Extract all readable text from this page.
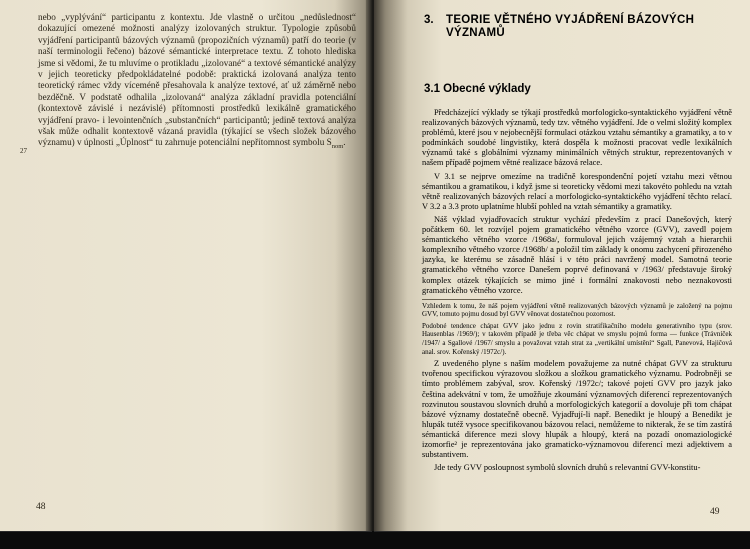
nebo „vyplývání“ participantu z kontextu. Jde vlastně o určitou „nedůslednost“ dokazující omezené možnosti analýzy izolovaných struktur. Typologie způsobů vyjádření participantů bázových významů (propozičních významů) patří do teorie (v naší terminologii řečeno) bázové sémantické interpretace textu. Z tohoto hlediska jsme si vědomi, že tu mluvíme o protikladu „izolované“ a textové sémantické analýzy v jejich teoreticky předpokládatelné podobě: praktická izolovaná analýza tento teoretický rámec vždy víceméně přesahovala k analýze textové, ať už záměrně nebo bezděčně. V podstatě odhalila „izolovaná“ analýza základní pravidla potenciální (kontextově závislé i nezávislé) přítomnosti prostředků lexikálně gramatického vyjádření pravo- i levointenčních „substančních“ participantů; jedině textová analýza však může odhalit kontextově vázaná pravidla (týkající se všech složek bázového významu) v úplnosti „Úplnost“ tu zahrnuje potenciální nepřítomnost symbolu $S_{nom}$.

27
48
3. TEORIE VĚTNÉHO VYJÁDŘENÍ BÁZOVÝCH VÝZNAMŮ
3.1 Obecné výklady

Předcházející výklady se týkají prostředků morfologicko-syntaktického vyjádření větně realizovaných bázových významů, tedy tzv. větného vyjádření. Jde o velmi složitý komplex problémů, které jsou v nejobecnější formulaci otázkou vztahu sémantiky a gramatiky, a to v podmínkách soudobé lingvistiky, která dospěla k možnosti pracovat vedle lexikálních významů také s globálními významy minimálních větných struktur, reprezentovaných v našem případě pojmem větné realizace bázová relace.

V 3.1 se nejprve omezíme na tradičně korespondenční pojetí vztahu mezi větnou sémantikou a gramatikou, i když jsme si teoreticky vědomi mezi takovéto pohledu na vztah větně realizovaných bázových relací a morfologicko-syntaktického vyjádření těchto relací. V 3.2 a 3.3 proto uplatníme hlubší pohled na vztah sémantiky a gramatiky.

Náš výklad vyjadřovacích struktur vychází především z prací Danešových, který počátkem 60. let rozvíjel pojem gramatického větného vzorce (GVV), zavedl pojem sémantického větného vzorce /1968a/, formuloval jejich vzájemný vztah a hierarchii komplexního větného vzorce /1968b/ a položil tím základy k onomu zachycení přirozeného jazyka, ke kterému se zásadně hlásí i v této práci navržený model. Samotná teorie gramatického větného vzorce Danešem poprvé definovaná v /1963/ představuje široký komplex otázek týkajících se mimo jiné i formální znakovosti nebo neznakovosti gramatického větného vzorce.

Vzhledem k tomu, že náš pojem vyjádření větně realizovaných bázových významů je založený na pojmu GVV, tomuto pojmu dosud byl GVV věnovat dostatečnou pozornost.

Podobné tendence chápat GVV jako jednu z rovin stratifikačního modelu generativního typu (srov. Hausenblas /1969/); v takovém případě je třeba věc chápat ve smyslu pojmů forma — funkce (Trávníček /1947/ a Sgallové /1967/ smyslu a považovat vztah strat za „vertikální umístění“ Sgall, Panevová, Hajičová anal. srov. Kořenský /1972c/).

Z uvedeného plyne s naším modelem považujeme za nutné chápat GVV za strukturu tvořenou specifickou výrazovou složkou a složkou gramatického významu. Podrobněji se tímto problémem zabýval, srov. Kořenský /1972c/; takové pojetí GVV pro jazyk jako čeština adekvátní v tom, že umožňuje zkoumání významových diferencí reprezentovaných rozvinutou soustavou slovních druhů a morfologických kategorií a dovoluje při tom chápat bázové významy dostatečně obecně. Vyjadřují-li např. Benedikt je hloupý a Benedikt je hlupák tutéž vysoce specifikovanou bázovou relaci, nemůžeme to nikterak, že se tím zastírá sémantická diference mezi slovy hlupák a hloupý, která na pozadí onomaziologické izomorfie² je reprezentována jako gramaticko-významovou diferencí mezi adjektivem a substantivem.

Jde tedy GVV posloupnost symbolů slovních druhů s relevantní GVV-konstitu-

49
